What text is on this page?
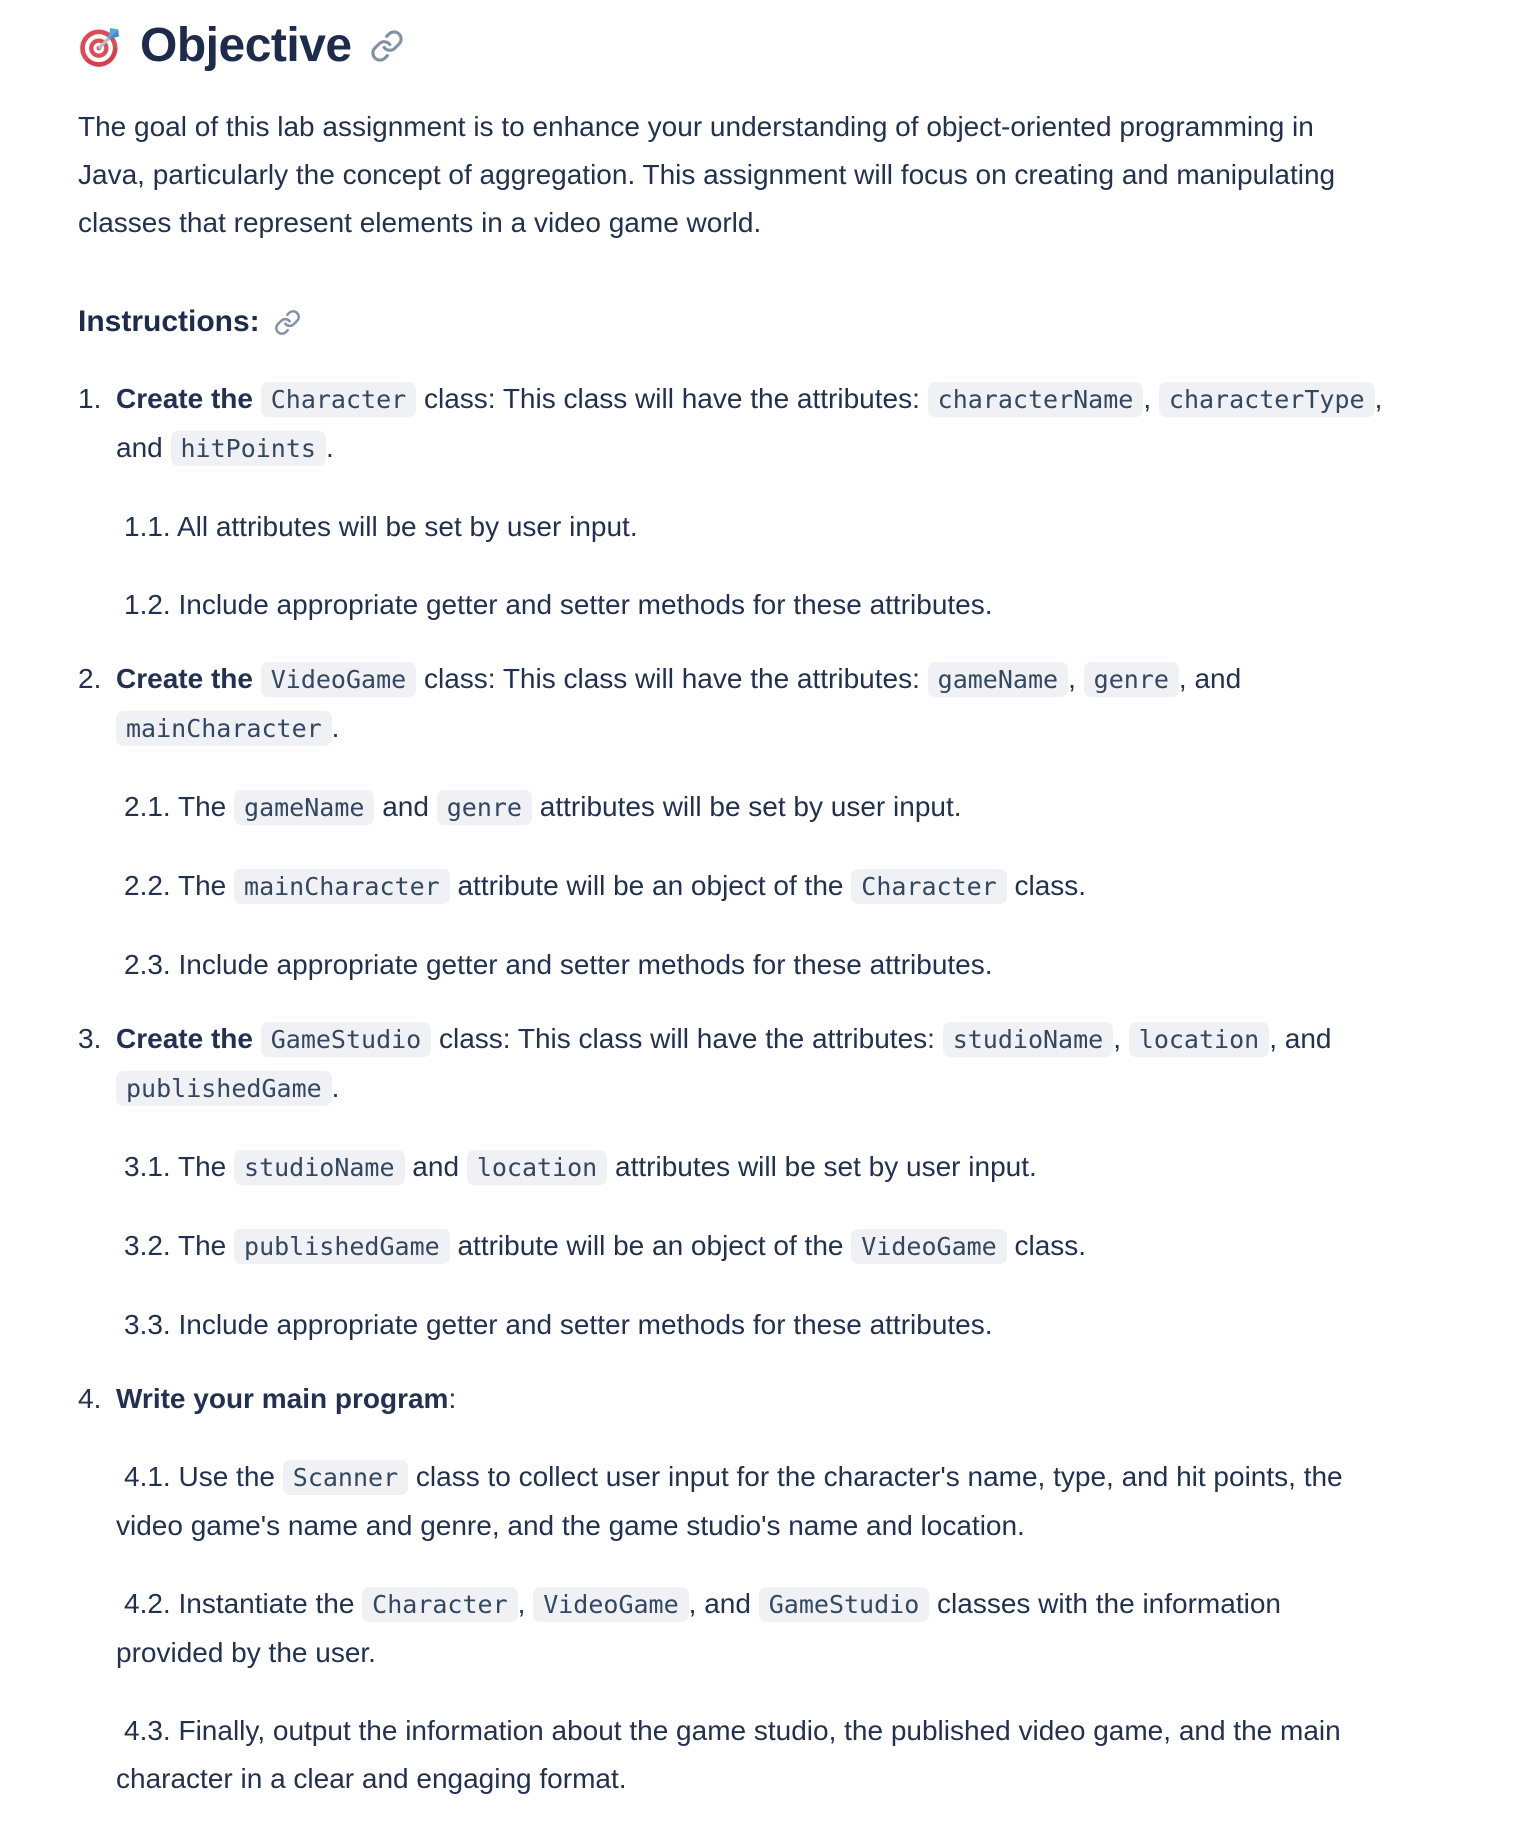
Objective

The goal of this lab assignment is to enhance your understanding of object-oriented programming in Java, particularly the concept of aggregation. This assignment will focus on creating and manipulating classes that represent elements in a video game world.

Instructions:
1. Create the Character class: This class will have the attributes: characterName , characterType , and hitPoints .
1.1. All attributes will be set by user input.
1.2. Include appropriate getter and setter methods for these attributes.
2. Create the VideoGame class: This class will have the attributes: gameName , genre , and mainCharacter .
2.1. The gameName and genre attributes will be set by user input.
2.2. The mainCharacter attribute will be an object of the Character class.
2.3. Include appropriate getter and setter methods for these attributes.
3. Create the GameStudio class: This class will have the attributes: studioName , location , and publishedGame .
3.1. The studioName and location attributes will be set by user input.
3.2. The publishedGame attribute will be an object of the VideoGame class.
3.3. Include appropriate getter and setter methods for these attributes.
4. Write your main program:
4.1. Use the Scanner class to collect user input for the character's name, type, and hit points, the video game's name and genre, and the game studio's name and location.
4.2. Instantiate the Character , VideoGame , and GameStudio classes with the information provided by the user.
4.3. Finally, output the information about the game studio, the published video game, and the main character in a clear and engaging format.
